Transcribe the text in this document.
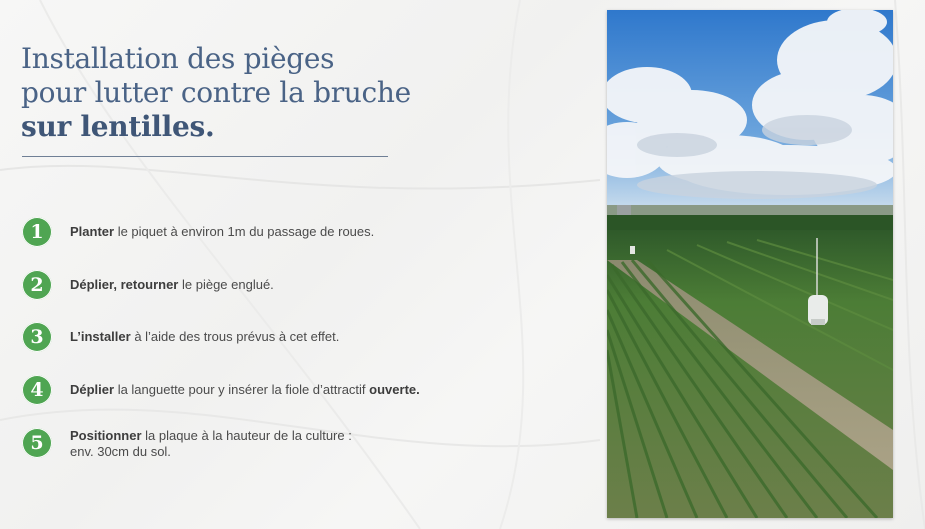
Installation des pièges
pour lutter contre la bruche
sur lentilles.
1	Planter le piquet à environ 1m du passage de roues.
2	Déplier, retourner le piège englué.
3	L’installer à l’aide des trous prévus à cet effet.
4	Déplier la languette pour y insérer la fiole d’attractif ouverte.
5	Positionner la plaque à la hauteur de la culture :
env. 30cm du sol.
